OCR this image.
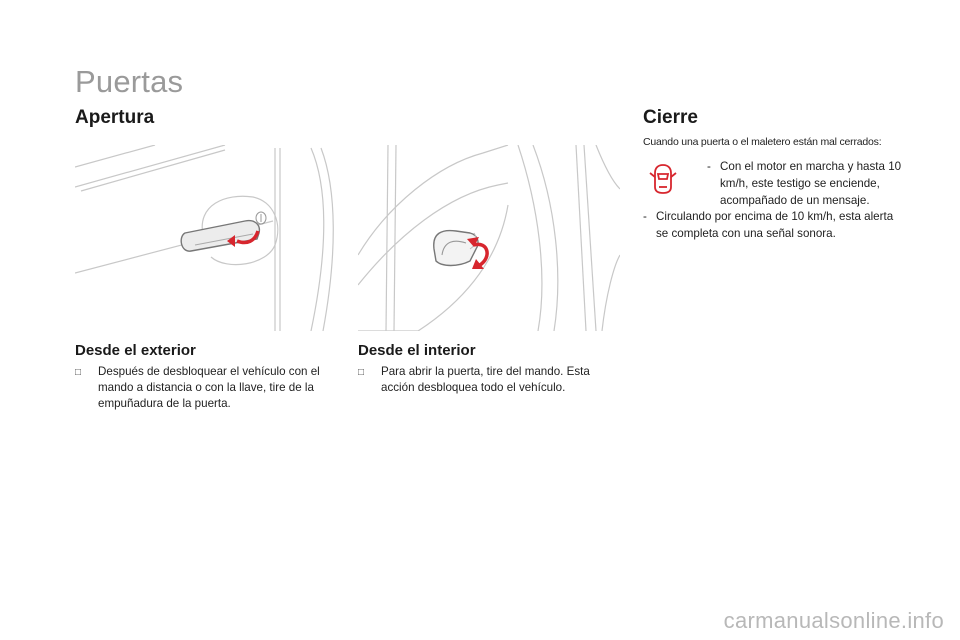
Puertas
Apertura
Desde el exterior
□	Después de desbloquear el vehículo con el mando a distancia o con la llave, tire de la empuñadura de la puerta.
Desde el interior
□	Para abrir la puerta, tire del mando. Esta acción desbloquea todo el vehículo.
Cierre
Cuando una puerta o el maletero están mal cerrados:
- Con el motor en marcha y hasta 10 km/h, este testigo se enciende, acompañado de un mensaje.
- Circulando por encima de 10 km/h, esta alerta se completa con una señal sonora.
carmanualsonline.info
